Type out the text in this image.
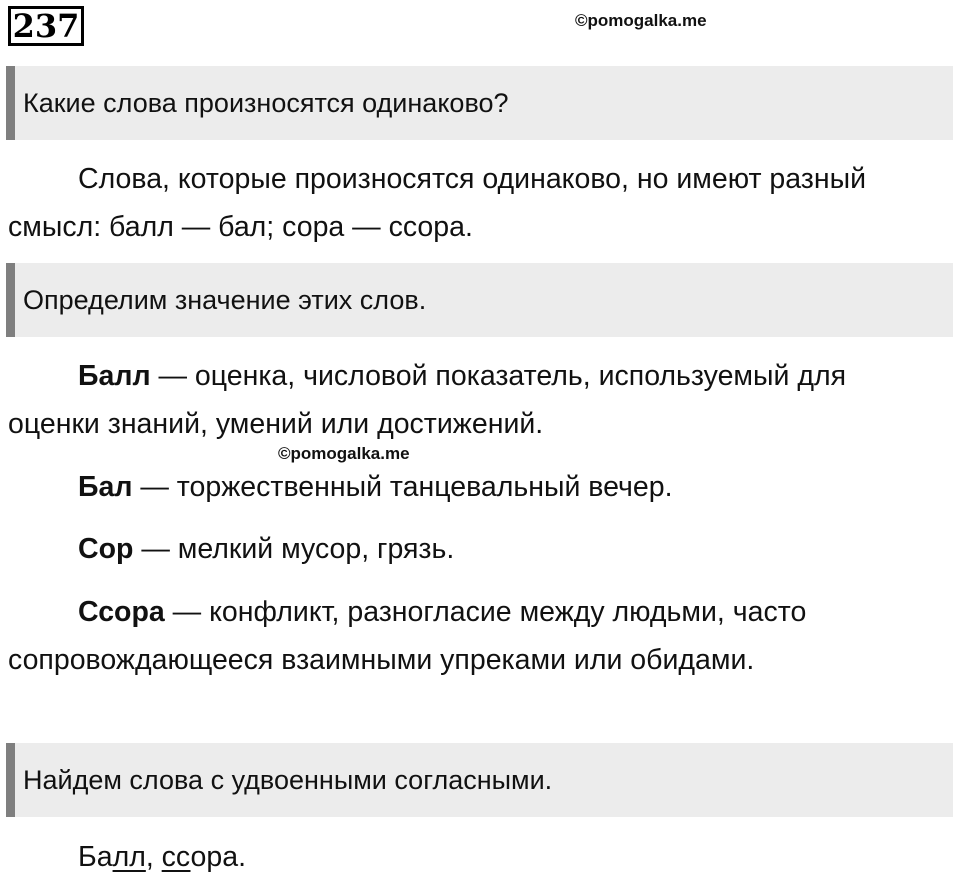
237	©pomogalka.me
Какие слова произносятся одинаково?

Слова, которые произносятся одинаково, но имеют разный смысл: балл — бал; сора — ссора.

Определим значение этих слов.

Балл — оценка, числовой показатель, используемый для оценки знаний, умений или достижений.

©pomogalka.me

Бал — торжественный танцевальный вечер.

Сор — мелкий мусор, грязь.

Ссора — конфликт, разногласие между людьми, часто сопровождающееся взаимными упреками или обидами.

Найдем слова с удвоенными согласными.

Балл, ссора.
